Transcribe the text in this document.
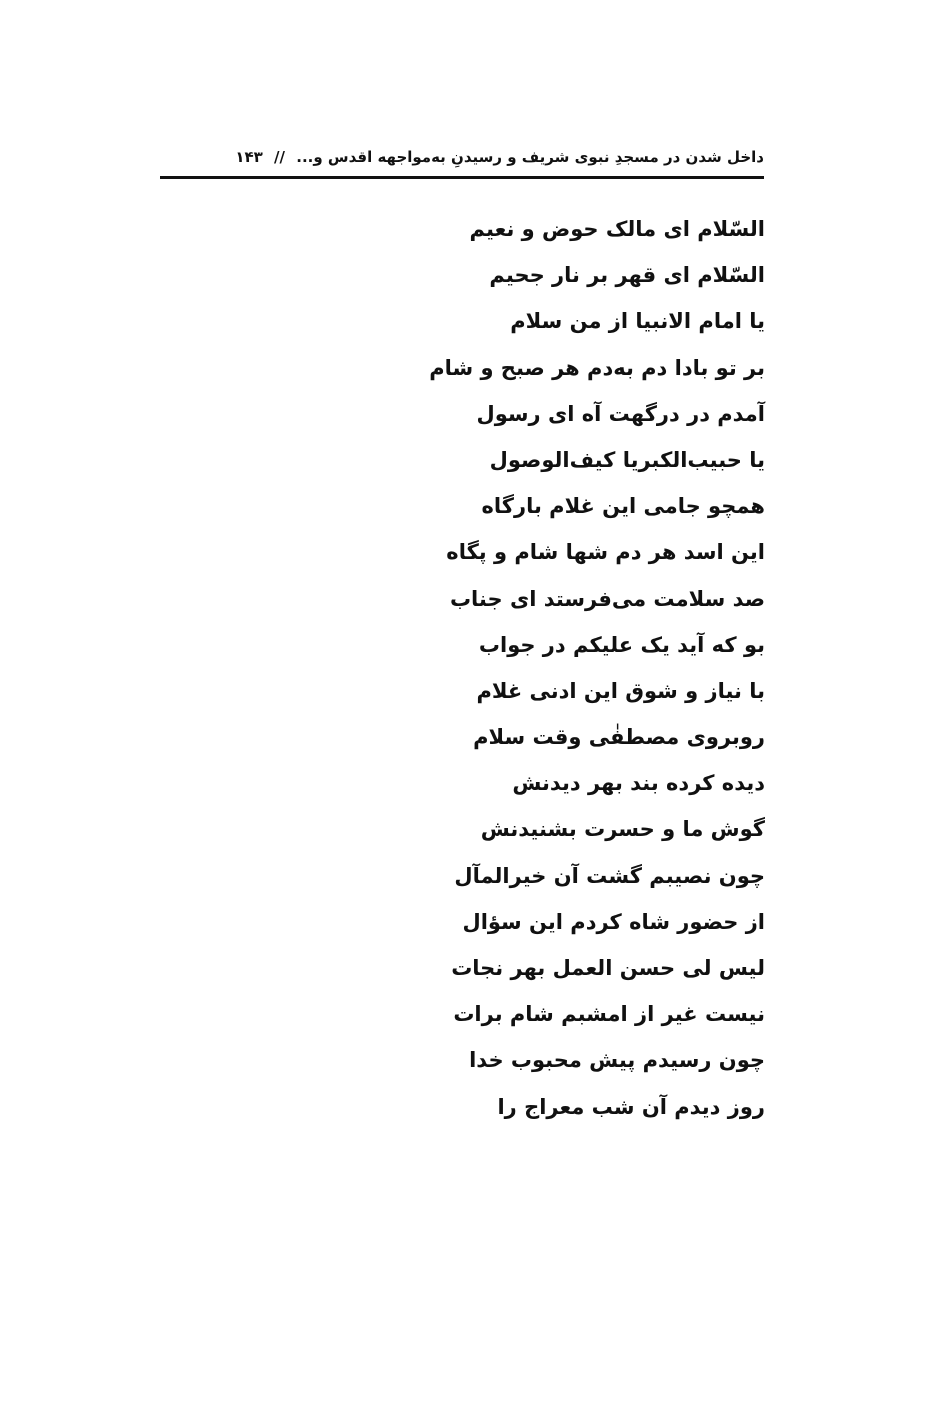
داخل شدن در مسجدِ نبوی شریف و رسیدنِ به‌مواجهه اقدس و... // ۱۴۳
السّلام ای مالک حوض و نعیم
السّلام ای قهر بر نار جحیم
یا امام الانبیا از من سلام
بر تو بادا دم به‌دم هر صبح و شام
آمدم در درگهت آه ای رسول
یا حبیب‌الکبریا کیف‌الوصول
همچو جامی این غلام بارگاه
این اسد هر دم شها شام و پگاه
صد سلامت می‌فرستد ای جناب
بو که آید یک علیکم در جواب
با نیاز و شوق این ادنی غلام
روبروی مصطفٰی وقت سلام
دیده کرده بند بهر دیدنش
گوش ما و حسرت بشنیدنش
چون نصیبم گشت آن خیرالمآل
از حضور شاه کردم این سؤال
لیس لی حسن العمل بهر نجات
نیست غیر از امشبم شام برات
چون رسیدم پیش محبوب خدا
روز دیدم آن شب معراج را
